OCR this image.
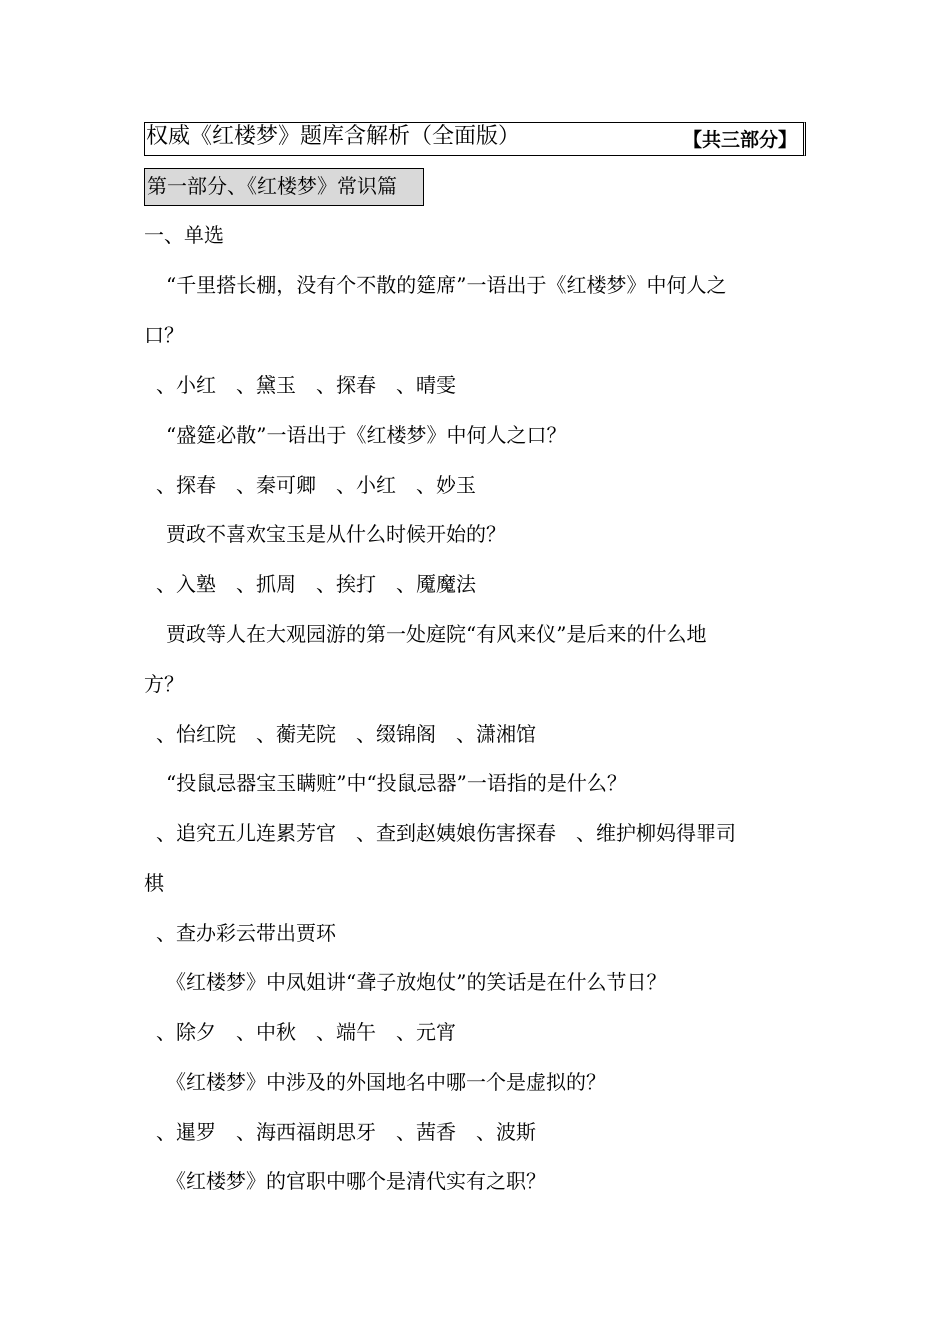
权威《红楼梦》题库含解析（全面版）	【共三部分】
第一部分、《红楼梦》常识篇
一、单选
“千里搭长棚，没有个不散的筵席”一语出于《红楼梦》中何人之
口？
、小红　、黛玉　、探春　、晴雯
“盛筵必散”一语出于《红楼梦》中何人之口？
、探春　、秦可卿　、小红　、妙玉
贾政不喜欢宝玉是从什么时候开始的？
、入塾　、抓周　、挨打　、魇魔法
贾政等人在大观园游的第一处庭院“有风来仪”是后来的什么地
方？
、怡红院　、蘅芜院　、缀锦阁　、潇湘馆
“投鼠忌器宝玉瞒赃”中“投鼠忌器”一语指的是什么？
、追究五儿连累芳官　、查到赵姨娘伤害探春　、维护柳妈得罪司
棋
、查办彩云带出贾环
《红楼梦》中凤姐讲“聋子放炮仗”的笑话是在什么节日？
、除夕　、中秋　、端午　、元宵
《红楼梦》中涉及的外国地名中哪一个是虚拟的？
、暹罗　、海西福朗思牙　、茜香　、波斯
《红楼梦》的官职中哪个是清代实有之职？
